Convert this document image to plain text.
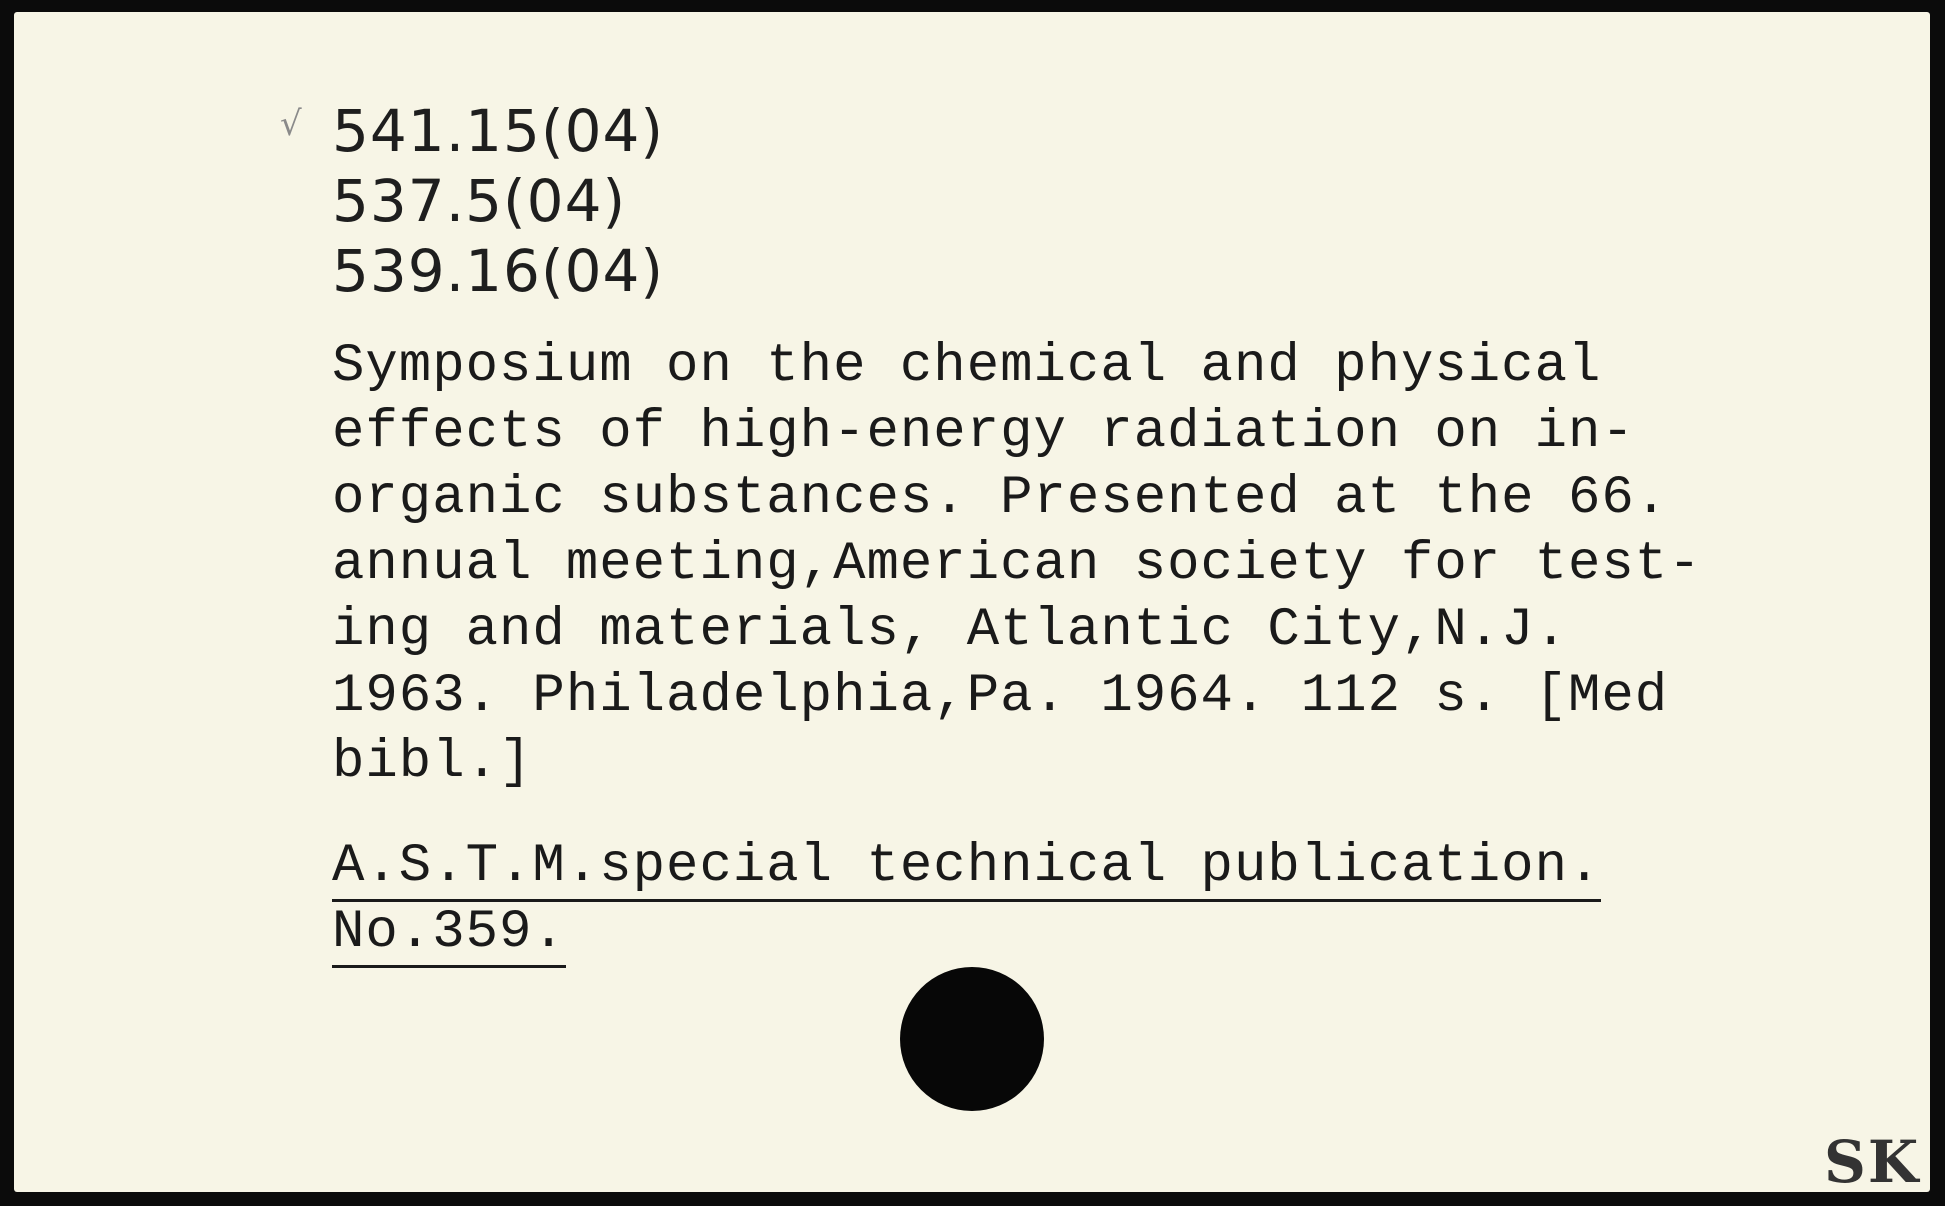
√ 541.15(04)
537.5(04)
539.16(04)
Symposium on the chemical and physical
effects of high-energy radiation on in-
organic substances. Presented at the 66.
annual meeting,American society for test-
ing and materials, Atlantic City,N.J.
1963. Philadelphia,Pa. 1964. 112 s. [Med
bibl.]
A.S.T.M.special technical publication.
No.359.
SK
